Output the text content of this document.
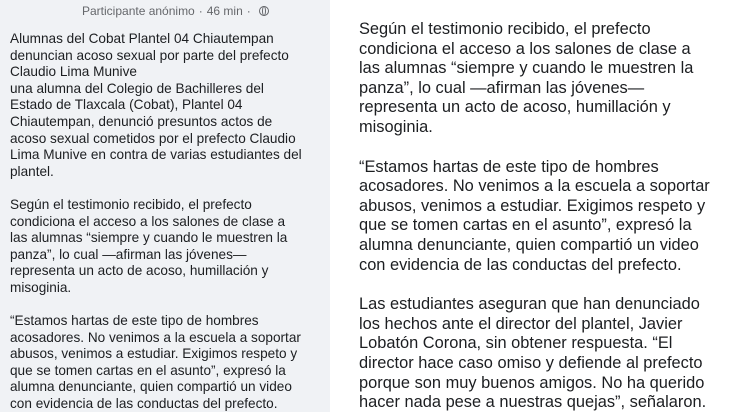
Participante anónimo · 46 min ·

Alumnas del Cobat Plantel 04 Chiautempan
denuncian acoso sexual por parte del prefecto
Claudio Lima Munive
una alumna del Colegio de Bachilleres del
Estado de Tlaxcala (Cobat), Plantel 04
Chiautempan, denunció presuntos actos de
acoso sexual cometidos por el prefecto Claudio
Lima Munive en contra de varias estudiantes del
plantel.

Según el testimonio recibido, el prefecto
condiciona el acceso a los salones de clase a
las alumnas “siempre y cuando le muestren la
panza”, lo cual —afirman las jóvenes—
representa un acto de acoso, humillación y
misoginia.

“Estamos hartas de este tipo de hombres
acosadores. No venimos a la escuela a soportar
abusos, venimos a estudiar. Exigimos respeto y
que se tomen cartas en el asunto”, expresó la
alumna denunciante, quien compartió un video
con evidencia de las conductas del prefecto.

Según el testimonio recibido, el prefecto
condiciona el acceso a los salones de clase a
las alumnas “siempre y cuando le muestren la
panza”, lo cual —afirman las jóvenes—
representa un acto de acoso, humillación y
misoginia.

“Estamos hartas de este tipo de hombres
acosadores. No venimos a la escuela a soportar
abusos, venimos a estudiar. Exigimos respeto y
que se tomen cartas en el asunto”, expresó la
alumna denunciante, quien compartió un video
con evidencia de las conductas del prefecto.

Las estudiantes aseguran que han denunciado
los hechos ante el director del plantel, Javier
Lobatón Corona, sin obtener respuesta. “El
director hace caso omiso y defiende al prefecto
porque son muy buenos amigos. No ha querido
hacer nada pese a nuestras quejas”, señalaron.
